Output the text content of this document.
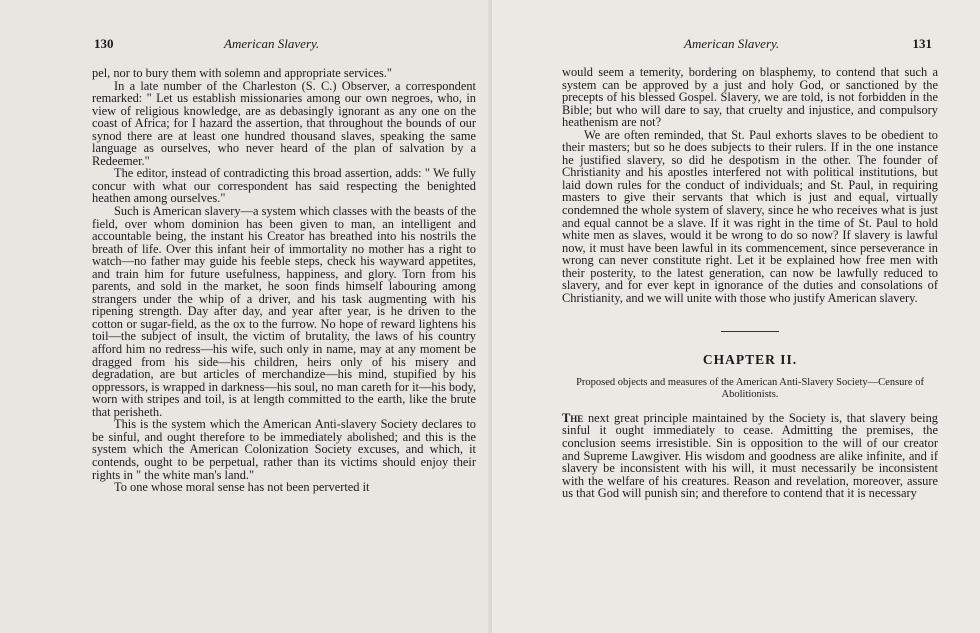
130	American Slavery.

pel, nor to bury them with solemn and appropriate services."

In a late number of the Charleston (S. C.) Observer, a correspondent remarked: " Let us establish missionaries among our own negroes, who, in view of religious knowledge, are as debasingly ignorant as any one on the coast of Africa; for I hazard the assertion, that throughout the bounds of our synod there are at least one hundred thousand slaves, speaking the same language as ourselves, who never heard of the plan of salvation by a Redeemer."

The editor, instead of contradicting this broad assertion, adds: " We fully concur with what our correspondent has said respecting the benighted heathen among ourselves."

Such is American slavery—a system which classes with the beasts of the field, over whom dominion has been given to man, an intelligent and accountable being, the instant his Creator has breathed into his nostrils the breath of life. Over this infant heir of immortality no mother has a right to watch—no father may guide his feeble steps, check his wayward appetites, and train him for future usefulness, happiness, and glory. Torn from his parents, and sold in the market, he soon finds himself labouring among strangers under the whip of a driver, and his task augmenting with his ripening strength. Day after day, and year after year, is he driven to the cotton or sugar-field, as the ox to the furrow. No hope of reward lightens his toil—the subject of insult, the victim of brutality, the laws of his country afford him no redress—his wife, such only in name, may at any moment be dragged from his side—his children, heirs only of his misery and degradation, are but articles of merchandize—his mind, stupified by his oppressors, is wrapped in darkness—his soul, no man careth for it—his body, worn with stripes and toil, is at length committed to the earth, like the brute that perisheth.

This is the system which the American Anti-slavery Society declares to be sinful, and ought therefore to be immediately abolished; and this is the system which the American Colonization Society excuses, and which, it contends, ought to be perpetual, rather than its victims should enjoy their rights in " the white man's land."

To one whose moral sense has not been perverted it

American Slavery.	131

would seem a temerity, bordering on blasphemy, to contend that such a system can be approved by a just and holy God, or sanctioned by the precepts of his blessed Gospel. Slavery, we are told, is not forbidden in the Bible; but who will dare to say, that cruelty and injustice, and compulsory heathenism are not?

We are often reminded, that St. Paul exhorts slaves to be obedient to their masters; but so he does subjects to their rulers. If in the one instance he justified slavery, so did he despotism in the other. The founder of Christianity and his apostles interfered not with political institutions, but laid down rules for the conduct of individuals; and St. Paul, in requiring masters to give their servants that which is just and equal, virtually condemned the whole system of slavery, since he who receives what is just and equal cannot be a slave. If it was right in the time of St. Paul to hold white men as slaves, would it be wrong to do so now? If slavery is lawful now, it must have been lawful in its commencement, since perseverance in wrong can never constitute right. Let it be explained how free men with their posterity, to the latest generation, can now be lawfully reduced to slavery, and for ever kept in ignorance of the duties and consolations of Christianity, and we will unite with those who justify American slavery.

CHAPTER II.
Proposed objects and measures of the American Anti-Slavery Society—Censure of Abolitionists.

The next great principle maintained by the Society is, that slavery being sinful it ought immediately to cease. Admitting the premises, the conclusion seems irresistible. Sin is opposition to the will of our creator and Supreme Lawgiver. His wisdom and goodness are alike infinite, and if slavery be inconsistent with his will, it must necessarily be inconsistent with the welfare of his creatures. Reason and revelation, moreover, assure us that God will punish sin; and therefore to contend that it is necessary
